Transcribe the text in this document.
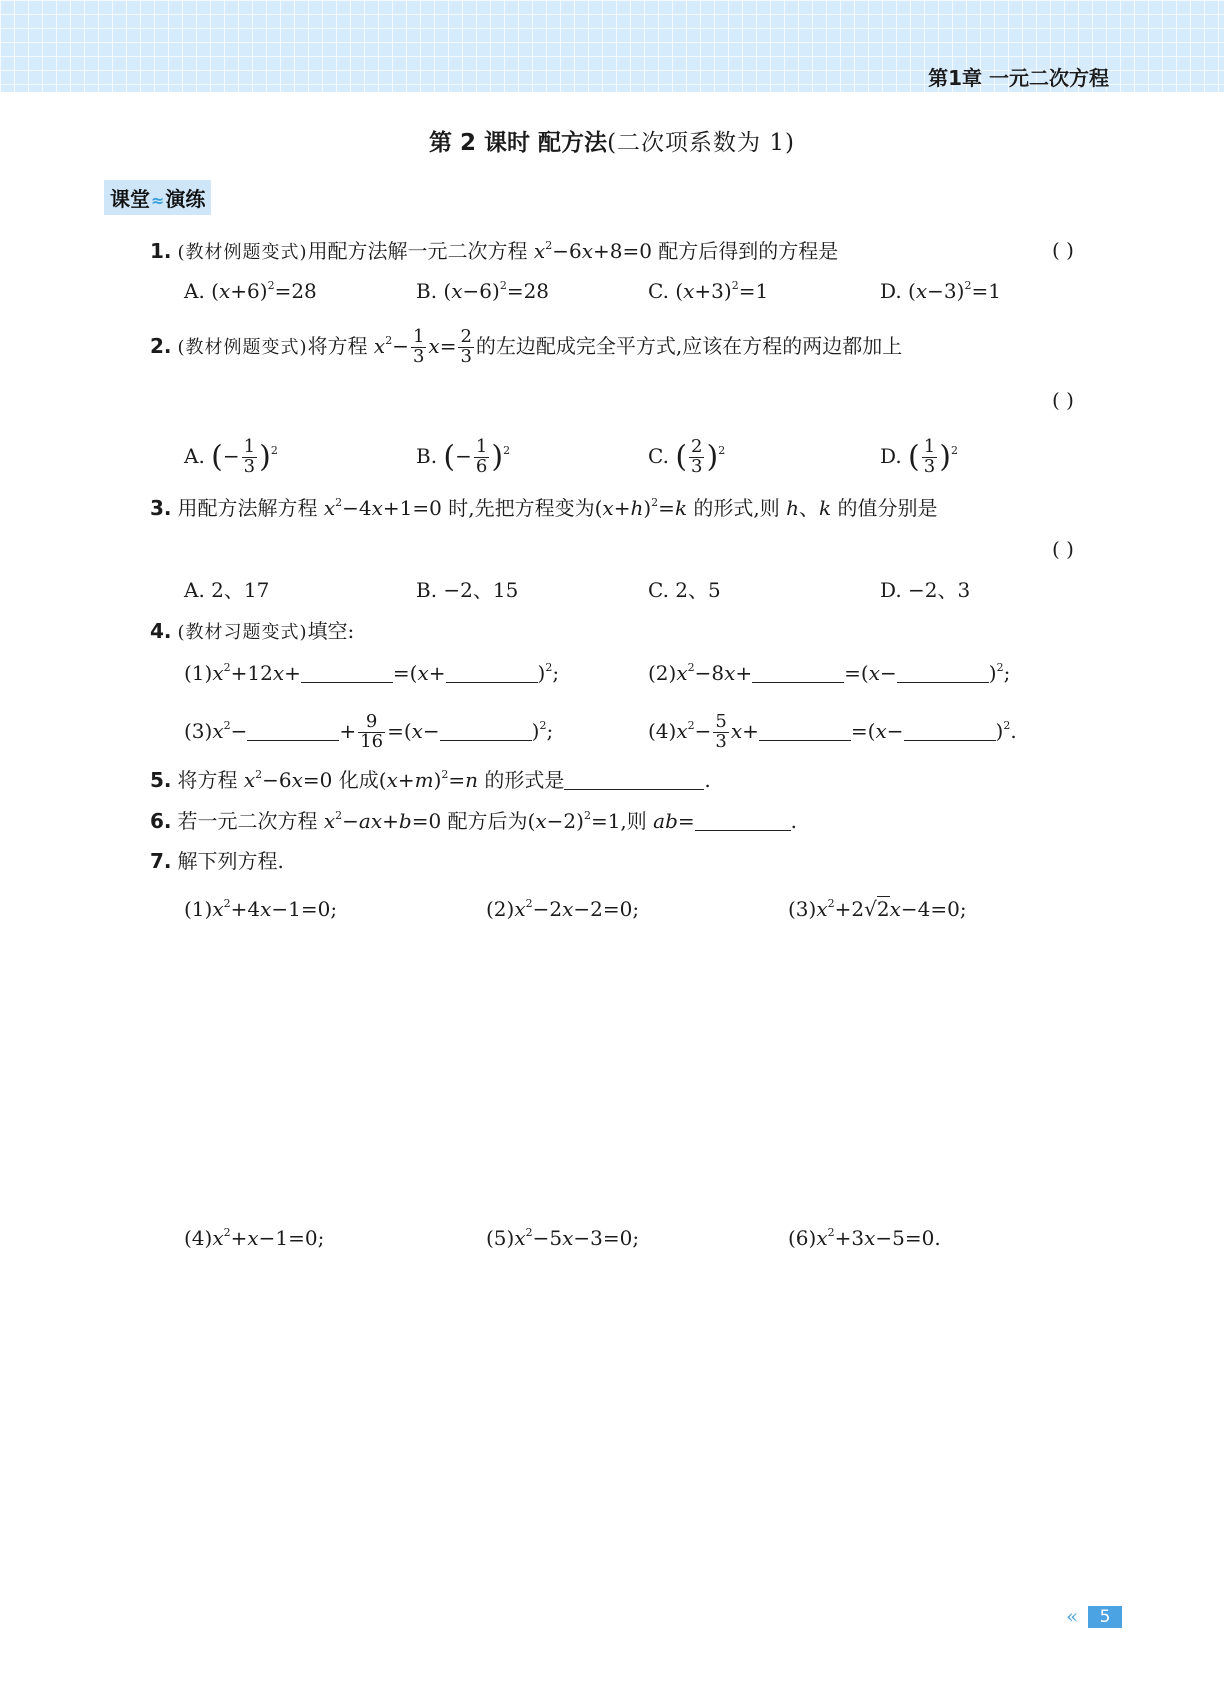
第1章 一元二次方程
第 2 课时 配方法(二次项系数为 1)
课堂≈演练
1. (教材例题变式)用配方法解一元二次方程 $x^2-6x+8=0$ 配方后得到的方程是	( )
A. $(x+6)^2=28$	B. $(x-6)^2=28$	C. $(x+3)^2=1$	D. $(x-3)^2=1$
2. (教材例题变式)将方程 $x^2- \frac{1}{3} x= \frac{2}{3}$ 的左边配成完全平方式,应该在方程的两边都加上
( )
A. (− $\frac{1}{3} )^2$	B. (− $\frac{1}{6} )^2$	C. ( $\frac{2}{3} )^2$	D. ( $\frac{1}{3} )^2$
3. 用配方法解方程 $x^2-4x+1=0$ 时,先把方程变为$(x+h)^2=k$ 的形式,则 h、k 的值分别是
( )
A. 2、17	B. −2、15	C. 2、5	D. −2、3
4. (教材习题变式)填空:
$(1)x^2+12x+$	=(x+	)$^2$;	$(2)x^2-8x+$	=(x−	)$^2$;
$(3)x^2-$	+ $\frac{9}{16} =(x-$	)$^2$;	$(4)x^2- \frac{5}{3} x+$	=(x−	)$^2$.
5. 将方程 $x^2-6x=0$ 化成$(x+m)^2=n$ 的形式是	.
6. 若一元二次方程 $x^2-ax+b=0$ 配方后为$(x-2)^2=1$,则 ab=	.
7. 解下列方程.
$(1)x^2+4x-1=0$;	$(2)x^2-2x-2=0$;	$(3)x^2+2√2x-4=0$;
$(4)x^2+x-1=0$;	$(5)x^2-5x-3=0$;	$(6)x^2+3x-5=0$.
«	5
